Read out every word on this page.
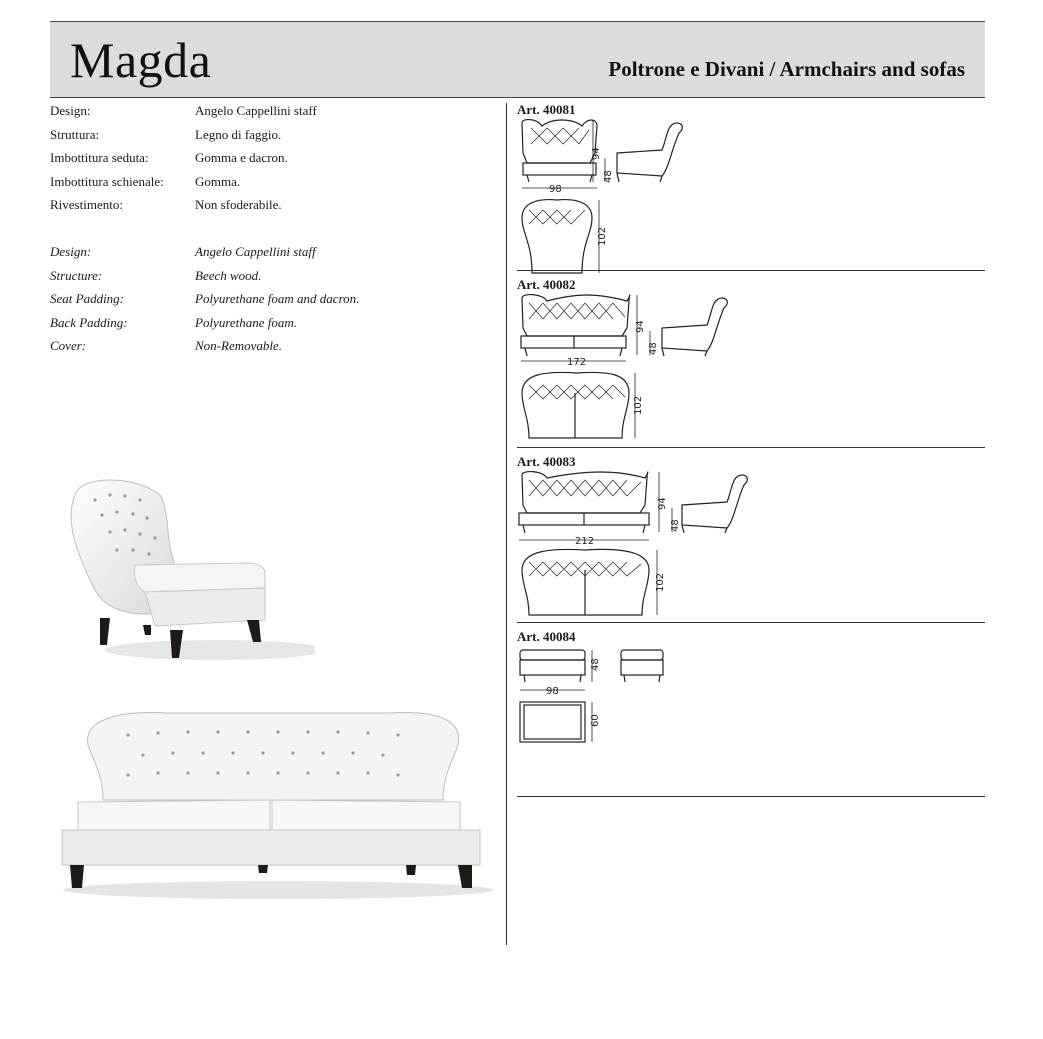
Magda	Poltrone e Divani / Armchairs and sofas
Design:	Angelo Cappellini staff
Struttura:	Legno di faggio.
Imbottitura seduta:	Gomma e dacron.
Imbottitura schienale:	Gomma.
Rivestimento:	Non sfoderabile.
Design:	Angelo Cappellini staff
Structure:	Beech wood.
Seat Padding:	Polyurethane foam and dacron.
Back Padding:	Polyurethane foam.
Cover:	Non-Removable.
Art. 40081
98
94
48
102
Art. 40082
172
94
48
102
Art. 40083
212
94
48
102
Art. 40084
48
98
60
